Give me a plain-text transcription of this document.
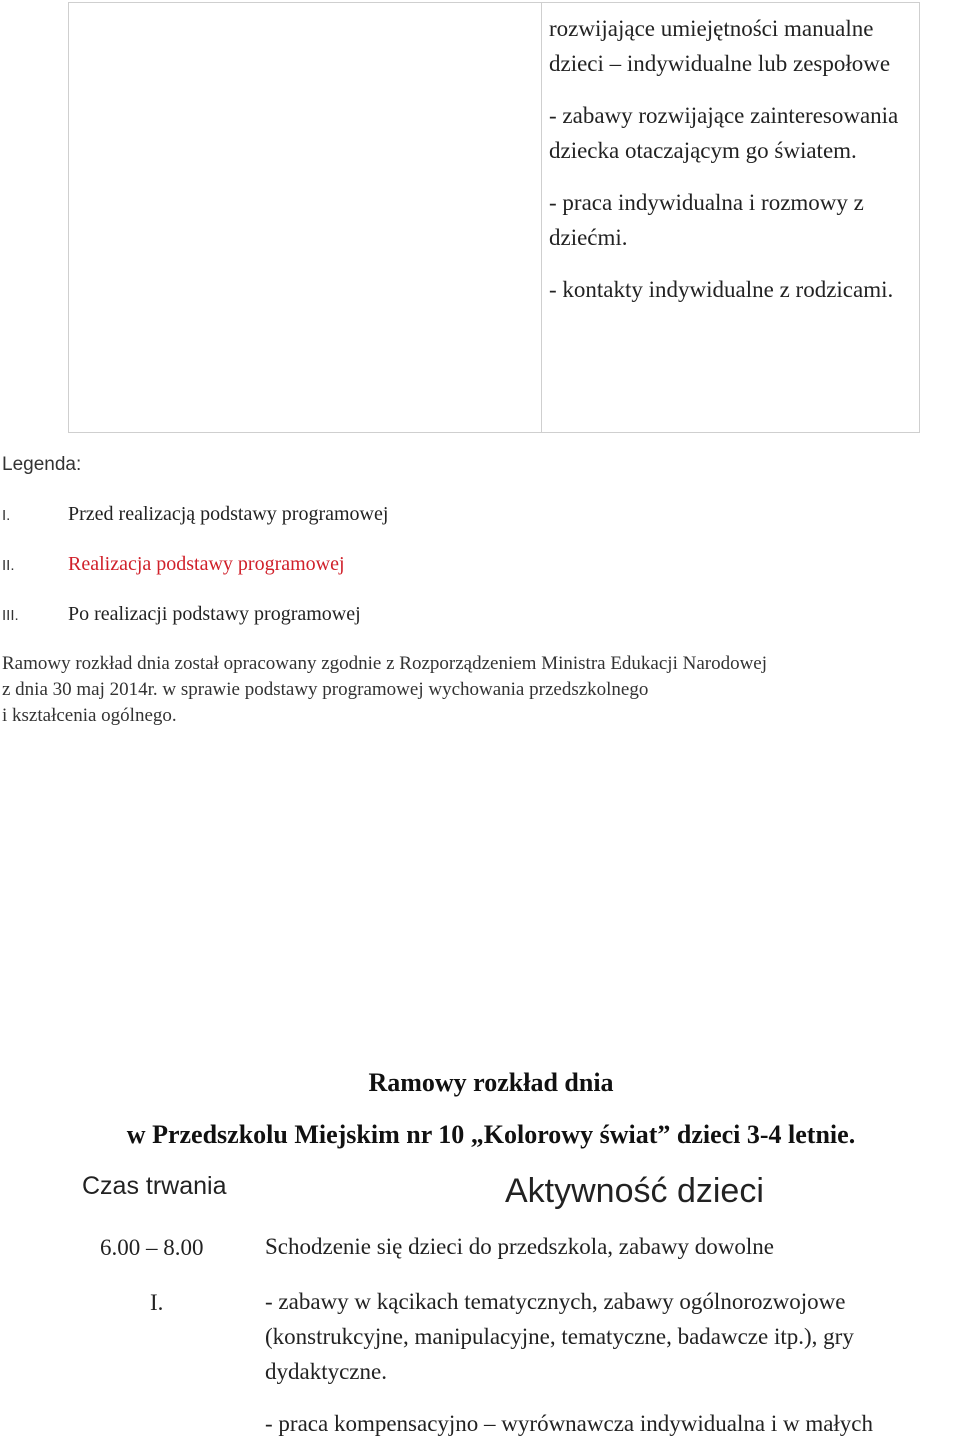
rozwijające umiejętności manualne dzieci – indywidualne lub zespołowe

- zabawy rozwijające zainteresowania dziecka otaczającym go światem.

- praca indywidualna i rozmowy z dziećmi.

- kontakty indywidualne z rodzicami.

Legenda:
I.	Przed realizacją podstawy programowej
II.	Realizacja podstawy programowej
III.	Po realizacji podstawy programowej
Ramowy rozkład dnia został opracowany zgodnie z Rozporządzeniem Ministra Edukacji Narodowej
z dnia 30 maj 2014r. w sprawie podstawy programowej wychowania przedszkolnego
i kształcenia ogólnego.
Ramowy rozkład dnia
w Przedszkolu Miejskim nr 10 „Kolorowy świat” dzieci 3-4 letnie.
Czas trwania	Aktywność dzieci
6.00 – 8.00	Schodzenie się dzieci do przedszkola, zabawy dowolne

I.	- zabawy w kącikach tematycznych, zabawy ogólnorozwojowe
(konstrukcyjne, manipulacyjne, tematyczne, badawcze itp.), gry
dydaktyczne.
- praca kompensacyjno – wyrównawcza indywidualna i w małych
